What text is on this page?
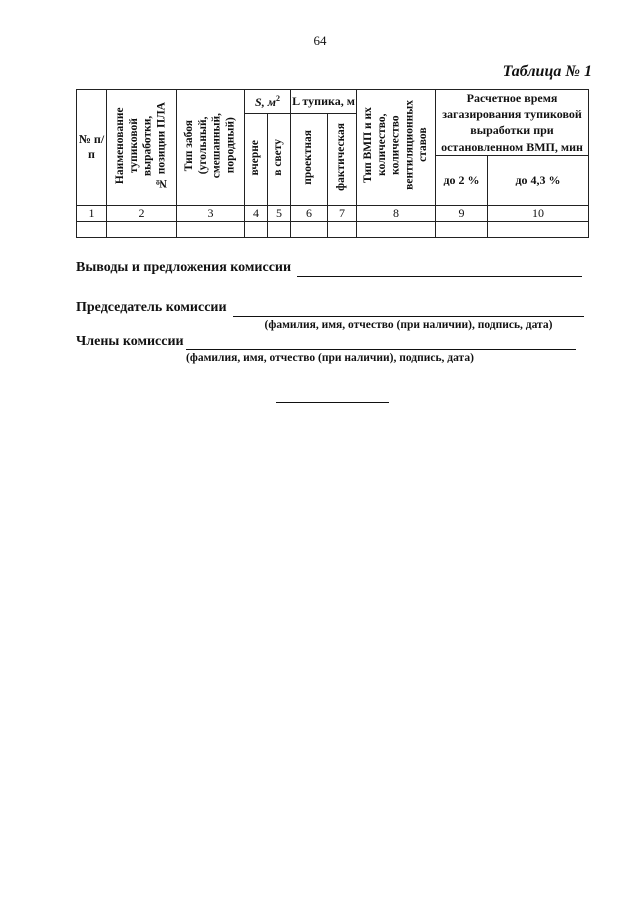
64
Таблица № 1
№ п/п	Наименование тупиковой выработки, № позиции ПЛА	Тип забоя (угольный, смешанный, породный)	S, $м^2$		L тупика, м		Тип ВМП и их количество, количество вентиляционных ставов	Расчетное время загазирования тупиковой выработки при остановленном ВМП, мин	
			вчерне	в свету	проектная	фактическая			
								до 2 %	до 4,3 %
1	2	3	4	5	6	7	8	9	10

Выводы и предложения комиссии
Председатель комиссии
(фамилия, имя, отчество (при наличии), подпись, дата)
Члены комиссии
(фамилия, имя, отчество (при наличии), подпись, дата)
